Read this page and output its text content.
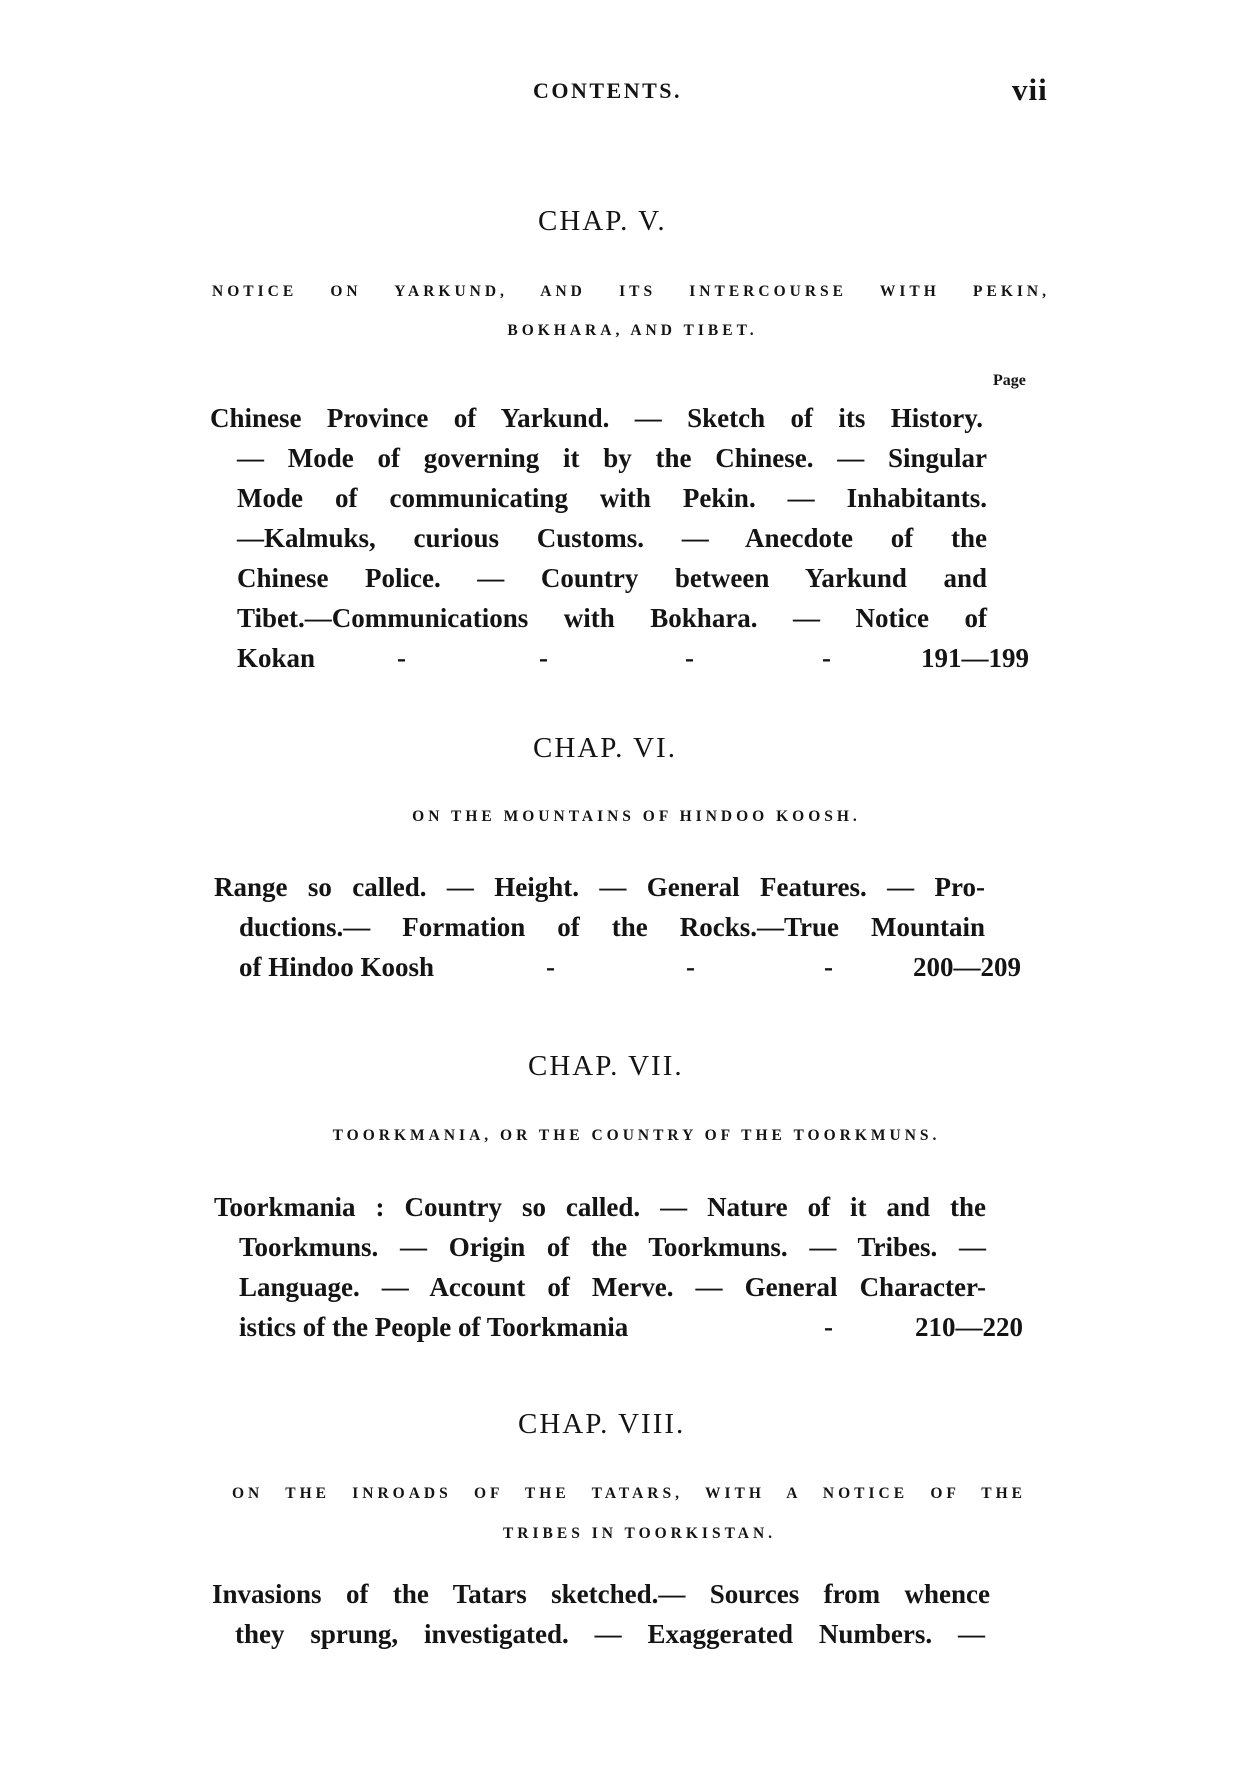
CONTENTS.	vii
CHAP. V.
NOTICE ON YARKUND, AND ITS INTERCOURSE WITH PEKIN,
BOKHARA, AND TIBET.
Page
Chinese Province of Yarkund. — Sketch of its History.
— Mode of governing it by the Chinese. — Singular
Mode of communicating with Pekin. — Inhabitants.
—Kalmuks, curious Customs. — Anecdote of the
Chinese Police. — Country between Yarkund and
Tibet.—Communications with Bokhara. — Notice of
Kokan	-	-	-	-	191—199
CHAP. VI.
ON THE MOUNTAINS OF HINDOO KOOSH.
Range so called. — Height. — General Features. — Pro-
ductions.— Formation of the Rocks.—True Mountain
of Hindoo Koosh	-	-	-	200—209
CHAP. VII.
TOORKMANIA, OR THE COUNTRY OF THE TOORKMUNS.
Toorkmania : Country so called. — Nature of it and the
Toorkmuns. — Origin of the Toorkmuns. — Tribes. —
Language. — Account of Merve. — General Character-
istics of the People of Toorkmania	-	210—220
CHAP. VIII.
ON THE INROADS OF THE TATARS, WITH A NOTICE OF THE
TRIBES IN TOORKISTAN.
Invasions of the Tatars sketched.— Sources from whence
they sprung, investigated. — Exaggerated Numbers. —
